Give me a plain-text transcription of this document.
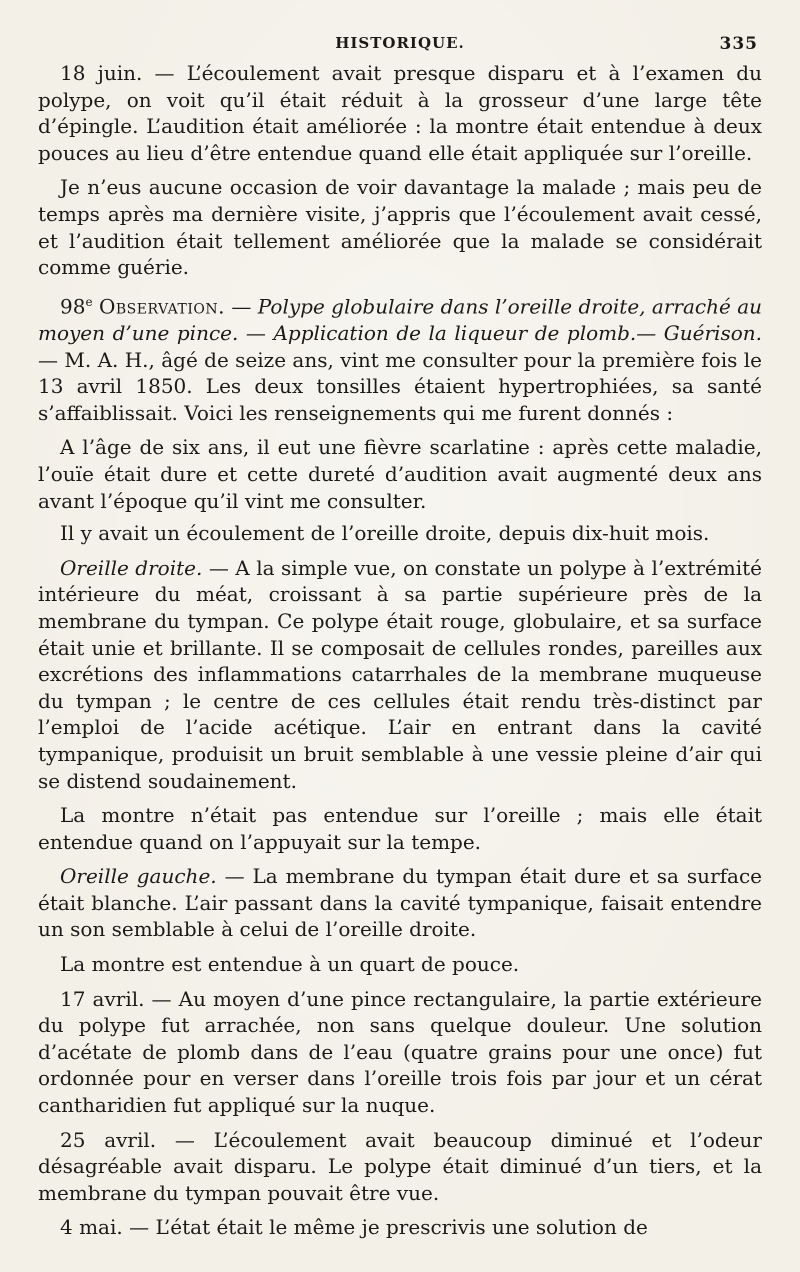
HISTORIQUE.	335

18 juin. — L’écoulement avait presque disparu et à l’examen du polype, on voit qu’il était réduit à la grosseur d’une large tête d’épingle. L’audition était améliorée : la montre était entendue à deux pouces au lieu d’être entendue quand elle était appliquée sur l’oreille.

Je n’eus aucune occasion de voir davantage la malade ; mais peu de temps après ma dernière visite, j’appris que l’écoulement avait cessé, et l’audition était tellement améliorée que la malade se considérait comme guérie.

98e Observation. — Polype globulaire dans l’oreille droite, arraché au moyen d’une pince. — Application de la liqueur de plomb.— Guérison. — M. A. H., âgé de seize ans, vint me consulter pour la première fois le 13 avril 1850. Les deux tonsilles étaient hypertrophiées, sa santé s’affaiblissait. Voici les renseignements qui me furent donnés :

A l’âge de six ans, il eut une fièvre scarlatine : après cette maladie, l’ouïe était dure et cette dureté d’audition avait augmenté deux ans avant l’époque qu’il vint me consulter.

Il y avait un écoulement de l’oreille droite, depuis dix-huit mois.

Oreille droite. — A la simple vue, on constate un polype à l’extrémité intérieure du méat, croissant à sa partie supérieure près de la membrane du tympan. Ce polype était rouge, globulaire, et sa surface était unie et brillante. Il se composait de cellules rondes, pareilles aux excrétions des inflammations catarrhales de la membrane muqueuse du tympan ; le centre de ces cellules était rendu très-distinct par l’emploi de l’acide acétique. L’air en entrant dans la cavité tympanique, produisit un bruit semblable à une vessie pleine d’air qui se distend soudainement.

La montre n’était pas entendue sur l’oreille ; mais elle était entendue quand on l’appuyait sur la tempe.

Oreille gauche. — La membrane du tympan était dure et sa surface était blanche. L’air passant dans la cavité tympanique, faisait entendre un son semblable à celui de l’oreille droite.

La montre est entendue à un quart de pouce.

17 avril. — Au moyen d’une pince rectangulaire, la partie extérieure du polype fut arrachée, non sans quelque douleur. Une solution d’acétate de plomb dans de l’eau (quatre grains pour une once) fut ordonnée pour en verser dans l’oreille trois fois par jour et un cérat cantharidien fut appliqué sur la nuque.

25 avril. — L’écoulement avait beaucoup diminué et l’odeur désagréable avait disparu. Le polype était diminué d’un tiers, et la membrane du tympan pouvait être vue.

4 mai. — L’état était le même je prescrivis une solution de
